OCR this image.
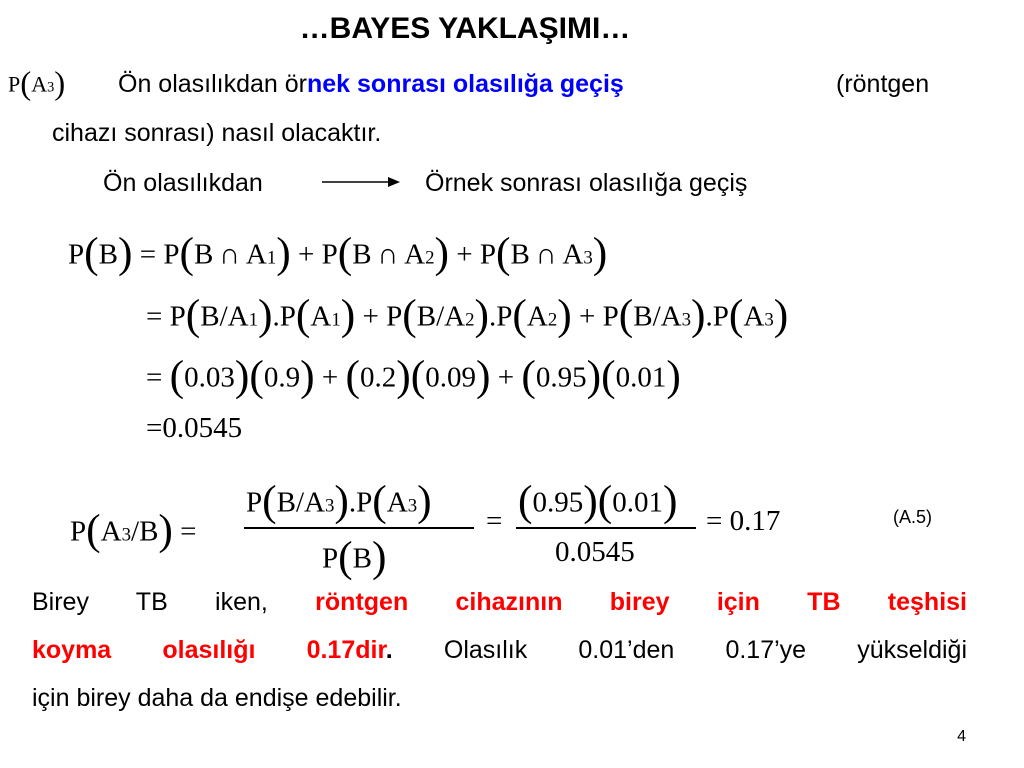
…BAYES YAKLAŞIMI…
$P(A_3)$ Ön olasılıkdan örnek sonrası olasılığa geçiş	(röntgen
cihazı sonrası) nasıl olacaktır.
Ön olasılıkdan	Örnek sonrası olasılığa geçiş
P(B) = P(B ∩ $A_1) + P(B$ ∩ $A_2) + P(B$ ∩ $A_3$)
= $P(B/A_1).P(A_1) + P(B/A_2).P(A_2) + P(B/A_3).P(A_3)$
= (0.03)(0.9) + (0.2)(0.09) + (0.95)(0.01)
=0.0545
$P(A_3/B)$ =
$P(B/A_3).P(A_3)$
P(B)
= (0.95)(0.01)
0.0545
= 0.17	(A.5)
Birey TB iken, röntgen cihazının birey için TB teşhisi
koyma olasılığı 0.17dir. Olasılık 0.01’den 0.17’ye yükseldiği
için birey daha da endişe edebilir.
4
